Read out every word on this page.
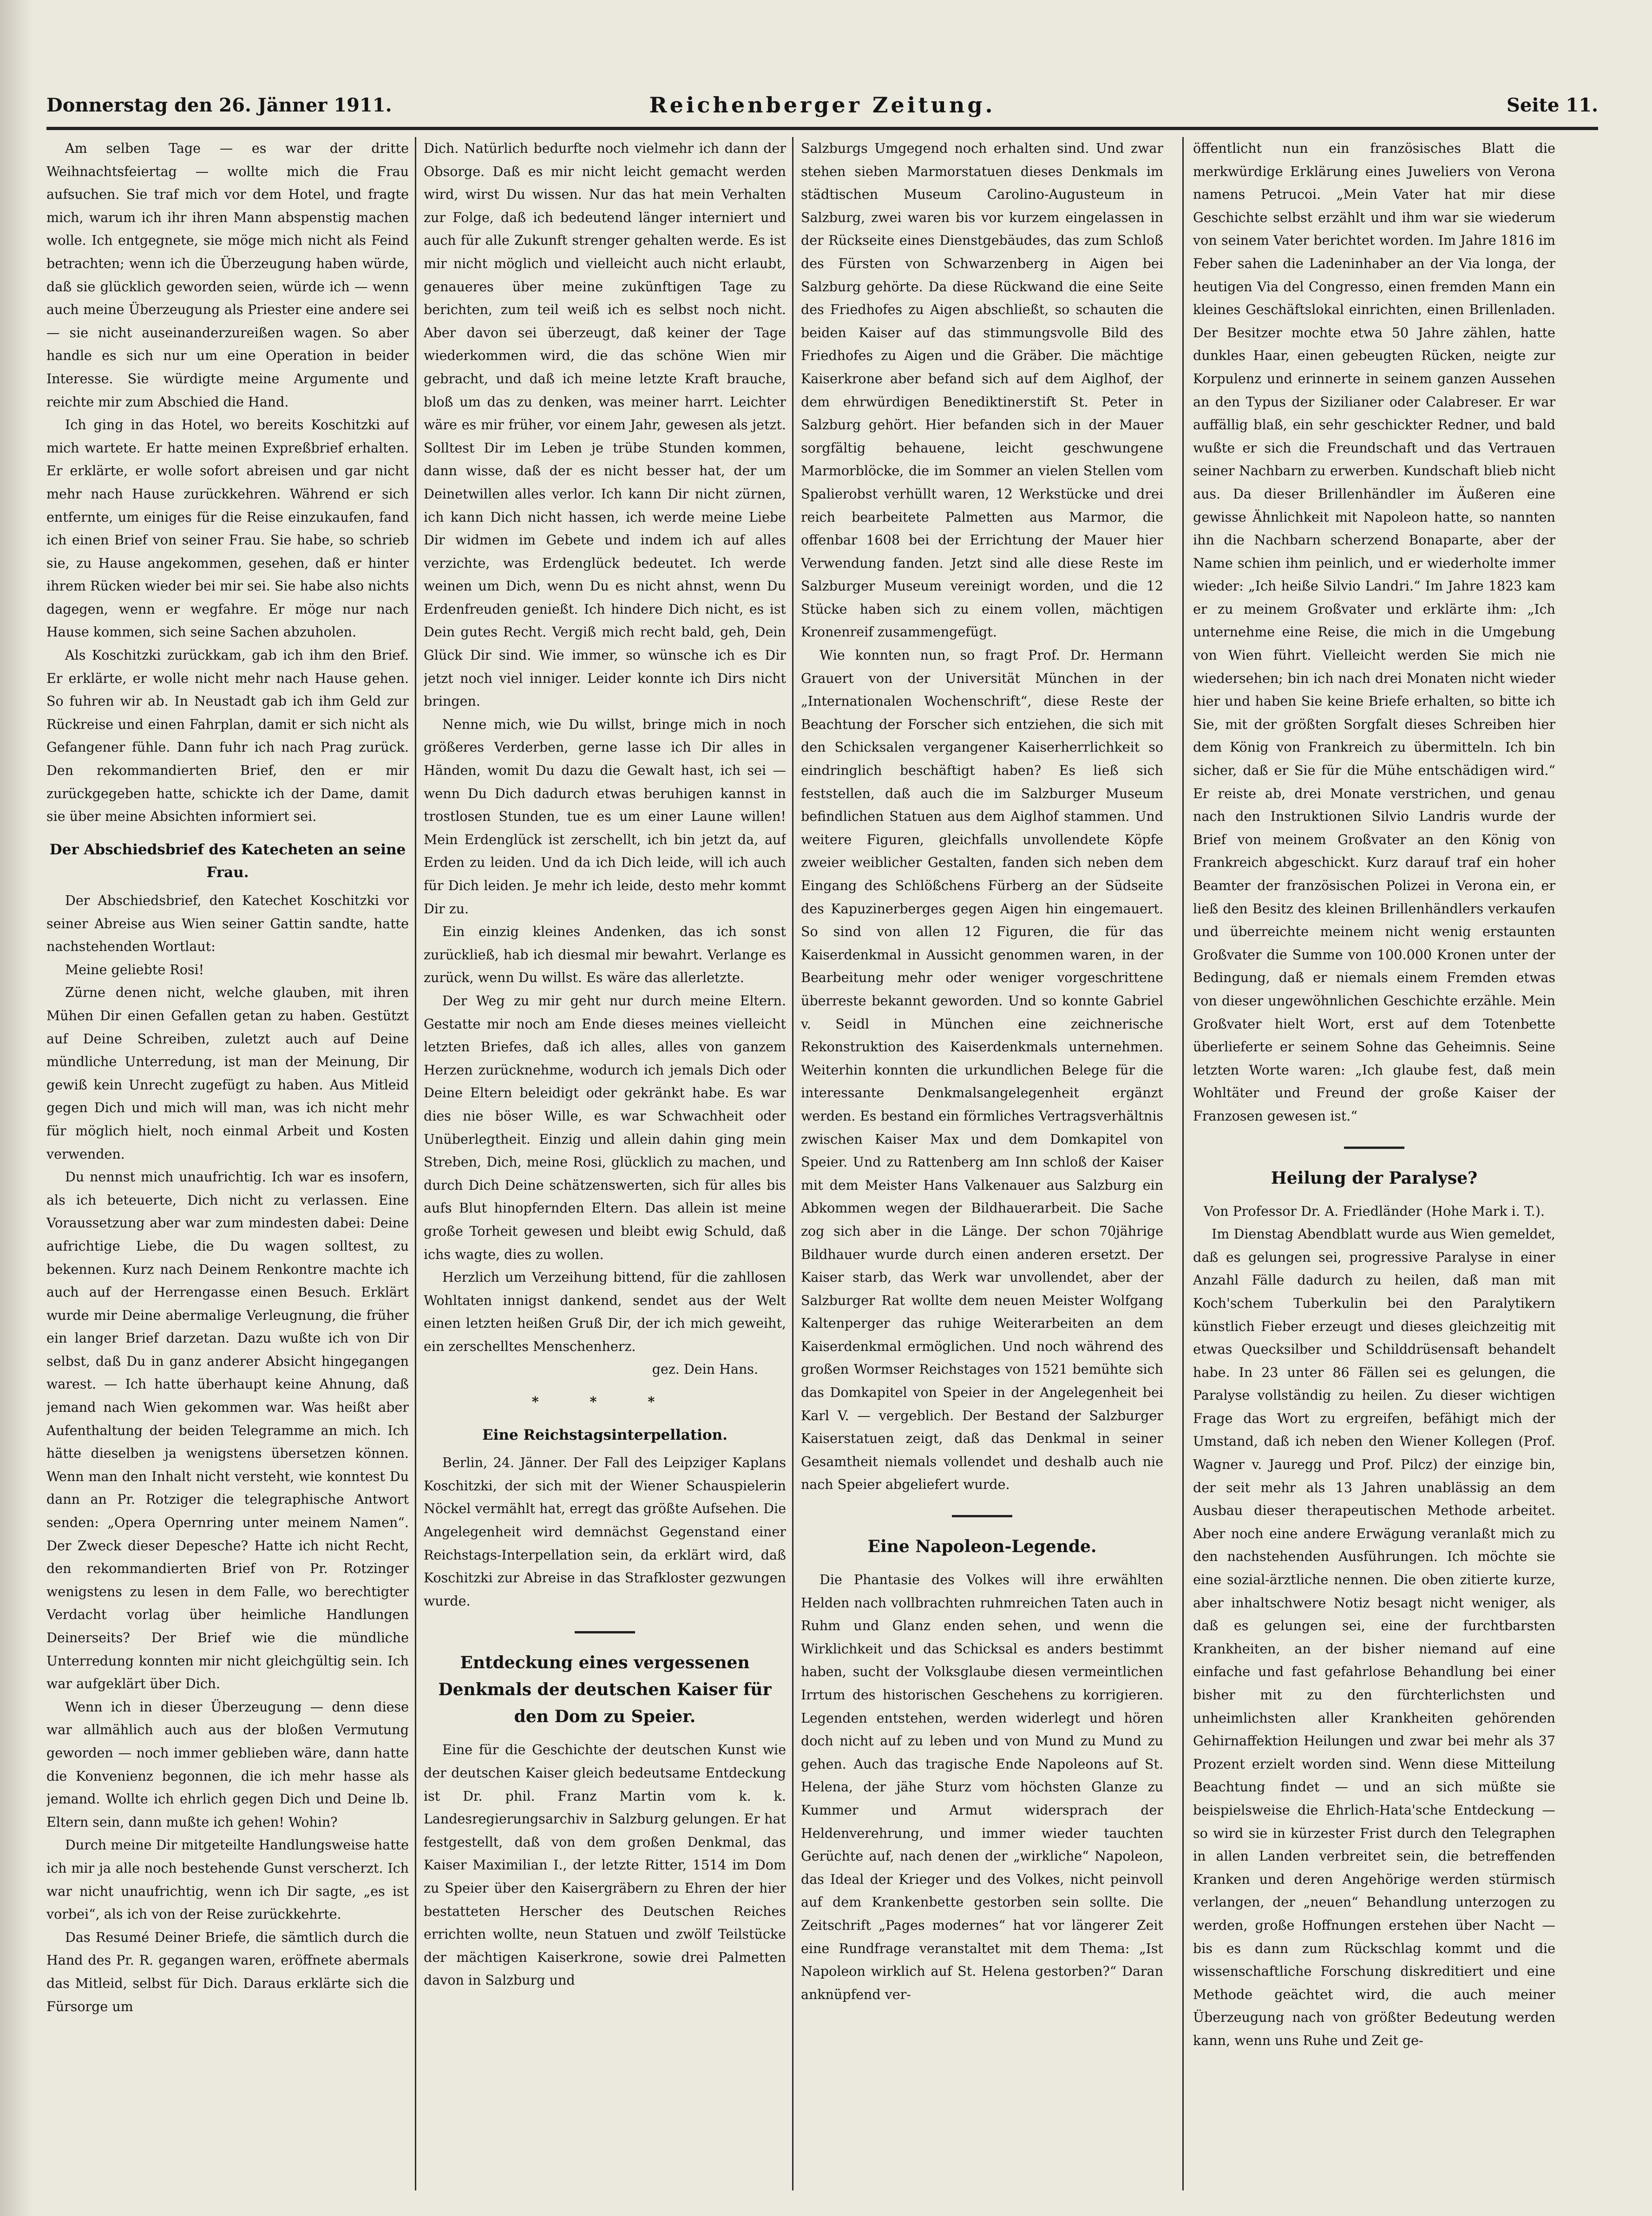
Donnerstag den 26. Jänner 1911.	Reichenberger Zeitung.	Seite 11.

Am selben Tage — es war der dritte Weihnachtsfeiertag — wollte mich die Frau aufsuchen. Sie traf mich vor dem Hotel, und fragte mich, warum ich ihr ihren Mann abspenstig machen wolle. Ich entgegnete, sie möge mich nicht als Feind betrachten; wenn ich die Überzeugung haben würde, daß sie glücklich geworden seien, würde ich — wenn auch meine Überzeugung als Priester eine andere sei — sie nicht auseinanderzureißen wagen. So aber handle es sich nur um eine Operation in beider Interesse. Sie würdigte meine Argumente und reichte mir zum Abschied die Hand.

Ich ging in das Hotel, wo bereits Koschitzki auf mich wartete. Er hatte meinen Expreßbrief erhalten. Er erklärte, er wolle sofort abreisen und gar nicht mehr nach Hause zurückkehren. Während er sich entfernte, um einiges für die Reise einzukaufen, fand ich einen Brief von seiner Frau. Sie habe, so schrieb sie, zu Hause angekommen, gesehen, daß er hinter ihrem Rücken wieder bei mir sei. Sie habe also nichts dagegen, wenn er wegfahre. Er möge nur nach Hause kommen, sich seine Sachen abzuholen.

Als Koschitzki zurückkam, gab ich ihm den Brief. Er erklärte, er wolle nicht mehr nach Hause gehen. So fuhren wir ab. In Neustadt gab ich ihm Geld zur Rückreise und einen Fahrplan, damit er sich nicht als Gefangener fühle. Dann fuhr ich nach Prag zurück. Den rekommandierten Brief, den er mir zurückgegeben hatte, schickte ich der Dame, damit sie über meine Absichten informiert sei.

Der Abschiedsbrief des Katecheten an seine Frau.

Der Abschiedsbrief, den Katechet Koschitzki vor seiner Abreise aus Wien seiner Gattin sandte, hatte nachstehenden Wortlaut:

Meine geliebte Rosi!

Zürne denen nicht, welche glauben, mit ihren Mühen Dir einen Gefallen getan zu haben. Gestützt auf Deine Schreiben, zuletzt auch auf Deine mündliche Unterredung, ist man der Meinung, Dir gewiß kein Unrecht zugefügt zu haben. Aus Mitleid gegen Dich und mich will man, was ich nicht mehr für möglich hielt, noch einmal Arbeit und Kosten verwenden.

Du nennst mich unaufrichtig. Ich war es insofern, als ich beteuerte, Dich nicht zu verlassen. Eine Voraussetzung aber war zum mindesten dabei: Deine aufrichtige Liebe, die Du wagen solltest, zu bekennen. Kurz nach Deinem Renkontre machte ich auch auf der Herrengasse einen Besuch. Erklärt wurde mir Deine abermalige Verleugnung, die früher ein langer Brief darzetan. Dazu wußte ich von Dir selbst, daß Du in ganz anderer Absicht hingegangen warest. — Ich hatte überhaupt keine Ahnung, daß jemand nach Wien gekommen war. Was heißt aber Aufenthaltung der beiden Telegramme an mich. Ich hätte dieselben ja wenigstens übersetzen können. Wenn man den Inhalt nicht versteht, wie konntest Du dann an Pr. Rotziger die telegraphische Antwort senden: „Opera Opernring unter meinem Namen“. Der Zweck dieser Depesche? Hatte ich nicht Recht, den rekommandierten Brief von Pr. Rotzinger wenigstens zu lesen in dem Falle, wo berechtigter Verdacht vorlag über heimliche Handlungen Deinerseits? Der Brief wie die mündliche Unterredung konnten mir nicht gleichgültig sein. Ich war aufgeklärt über Dich.

Wenn ich in dieser Überzeugung — denn diese war allmählich auch aus der bloßen Vermutung geworden — noch immer geblieben wäre, dann hatte die Konvenienz begonnen, die ich mehr hasse als jemand. Wollte ich ehrlich gegen Dich und Deine lb. Eltern sein, dann mußte ich gehen! Wohin?

Durch meine Dir mitgeteilte Handlungsweise hatte ich mir ja alle noch bestehende Gunst verscherzt. Ich war nicht unaufrichtig, wenn ich Dir sagte, „es ist vorbei“, als ich von der Reise zurückkehrte.

Das Resumé Deiner Briefe, die sämtlich durch die Hand des Pr. R. gegangen waren, eröffnete abermals das Mitleid, selbst für Dich. Daraus erklärte sich die Fürsorge um

Dich. Natürlich bedurfte noch vielmehr ich dann der Obsorge. Daß es mir nicht leicht gemacht werden wird, wirst Du wissen. Nur das hat mein Verhalten zur Folge, daß ich bedeutend länger interniert und auch für alle Zukunft strenger gehalten werde. Es ist mir nicht möglich und vielleicht auch nicht erlaubt, genaueres über meine zukünftigen Tage zu berichten, zum teil weiß ich es selbst noch nicht. Aber davon sei überzeugt, daß keiner der Tage wiederkommen wird, die das schöne Wien mir gebracht, und daß ich meine letzte Kraft brauche, bloß um das zu denken, was meiner harrt. Leichter wäre es mir früher, vor einem Jahr, gewesen als jetzt. Solltest Dir im Leben je trübe Stunden kommen, dann wisse, daß der es nicht besser hat, der um Deinetwillen alles verlor. Ich kann Dir nicht zürnen, ich kann Dich nicht hassen, ich werde meine Liebe Dir widmen im Gebete und indem ich auf alles verzichte, was Erdenglück bedeutet. Ich werde weinen um Dich, wenn Du es nicht ahnst, wenn Du Erdenfreuden genießt. Ich hindere Dich nicht, es ist Dein gutes Recht. Vergiß mich recht bald, geh, Dein Glück Dir sind. Wie immer, so wünsche ich es Dir jetzt noch viel inniger. Leider konnte ich Dirs nicht bringen.

Nenne mich, wie Du willst, bringe mich in noch größeres Verderben, gerne lasse ich Dir alles in Händen, womit Du dazu die Gewalt hast, ich sei — wenn Du Dich dadurch etwas beruhigen kannst in trostlosen Stunden, tue es um einer Laune willen! Mein Erdenglück ist zerschellt, ich bin jetzt da, auf Erden zu leiden. Und da ich Dich leide, will ich auch für Dich leiden. Je mehr ich leide, desto mehr kommt Dir zu.

Ein einzig kleines Andenken, das ich sonst zurückließ, hab ich diesmal mir bewahrt. Verlange es zurück, wenn Du willst. Es wäre das allerletzte.

Der Weg zu mir geht nur durch meine Eltern. Gestatte mir noch am Ende dieses meines vielleicht letzten Briefes, daß ich alles, alles von ganzem Herzen zurücknehme, wodurch ich jemals Dich oder Deine Eltern beleidigt oder gekränkt habe. Es war dies nie böser Wille, es war Schwachheit oder Unüberlegtheit. Einzig und allein dahin ging mein Streben, Dich, meine Rosi, glücklich zu machen, und durch Dich Deine schätzenswerten, sich für alles bis aufs Blut hinopfernden Eltern. Das allein ist meine große Torheit gewesen und bleibt ewig Schuld, daß ichs wagte, dies zu wollen.

Herzlich um Verzeihung bittend, für die zahllosen Wohltaten innigst dankend, sendet aus der Welt einen letzten heißen Gruß Dir, der ich mich geweiht, ein zerschelltes Menschenherz.

gez. Dein Hans.

* * *
Eine Reichstagsinterpellation.

Berlin, 24. Jänner. Der Fall des Leipziger Kaplans Koschitzki, der sich mit der Wiener Schauspielerin Nöckel vermählt hat, erregt das größte Aufsehen. Die Angelegenheit wird demnächst Gegenstand einer Reichstags-Interpellation sein, da erklärt wird, daß Koschitzki zur Abreise in das Strafkloster gezwungen wurde.

Entdeckung eines vergessenen Denkmals der deutschen Kaiser für den Dom zu Speier.

Eine für die Geschichte der deutschen Kunst wie der deutschen Kaiser gleich bedeutsame Entdeckung ist Dr. phil. Franz Martin vom k. k. Landesregierungsarchiv in Salzburg gelungen. Er hat festgestellt, daß von dem großen Denkmal, das Kaiser Maximilian I., der letzte Ritter, 1514 im Dom zu Speier über den Kaisergräbern zu Ehren der hier bestatteten Herscher des Deutschen Reiches errichten wollte, neun Statuen und zwölf Teilstücke der mächtigen Kaiserkrone, sowie drei Palmetten davon in Salzburg und

Salzburgs Umgegend noch erhalten sind. Und zwar stehen sieben Marmorstatuen dieses Denkmals im städtischen Museum Carolino-Augusteum in Salzburg, zwei waren bis vor kurzem eingelassen in der Rückseite eines Dienstgebäudes, das zum Schloß des Fürsten von Schwarzenberg in Aigen bei Salzburg gehörte. Da diese Rückwand die eine Seite des Friedhofes zu Aigen abschließt, so schauten die beiden Kaiser auf das stimmungsvolle Bild des Friedhofes zu Aigen und die Gräber. Die mächtige Kaiserkrone aber befand sich auf dem Aiglhof, der dem ehrwürdigen Benediktinerstift St. Peter in Salzburg gehört. Hier befanden sich in der Mauer sorgfältig behauene, leicht geschwungene Marmorblöcke, die im Sommer an vielen Stellen vom Spalierobst verhüllt waren, 12 Werkstücke und drei reich bearbeitete Palmetten aus Marmor, die offenbar 1608 bei der Errichtung der Mauer hier Verwendung fanden. Jetzt sind alle diese Reste im Salzburger Museum vereinigt worden, und die 12 Stücke haben sich zu einem vollen, mächtigen Kronenreif zusammengefügt.

Wie konnten nun, so fragt Prof. Dr. Hermann Grauert von der Universität München in der „Internationalen Wochenschrift“, diese Reste der Beachtung der Forscher sich entziehen, die sich mit den Schicksalen vergangener Kaiserherrlichkeit so eindringlich beschäftigt haben? Es ließ sich feststellen, daß auch die im Salzburger Museum befindlichen Statuen aus dem Aiglhof stammen. Und weitere Figuren, gleichfalls unvollendete Köpfe zweier weiblicher Gestalten, fanden sich neben dem Eingang des Schlößchens Fürberg an der Südseite des Kapuzinerberges gegen Aigen hin eingemauert. So sind von allen 12 Figuren, die für das Kaiserdenkmal in Aussicht genommen waren, in der Bearbeitung mehr oder weniger vorgeschrittene überreste bekannt geworden. Und so konnte Gabriel v. Seidl in München eine zeichnerische Rekonstruktion des Kaiserdenkmals unternehmen. Weiterhin konnten die urkundlichen Belege für die interessante Denkmalsangelegenheit ergänzt werden. Es bestand ein förmliches Vertragsverhältnis zwischen Kaiser Max und dem Domkapitel von Speier. Und zu Rattenberg am Inn schloß der Kaiser mit dem Meister Hans Valkenauer aus Salzburg ein Abkommen wegen der Bildhauerarbeit. Die Sache zog sich aber in die Länge. Der schon 70jährige Bildhauer wurde durch einen anderen ersetzt. Der Kaiser starb, das Werk war unvollendet, aber der Salzburger Rat wollte dem neuen Meister Wolfgang Kaltenperger das ruhige Weiterarbeiten an dem Kaiserdenkmal ermöglichen. Und noch während des großen Wormser Reichstages von 1521 bemühte sich das Domkapitel von Speier in der Angelegenheit bei Karl V. — vergeblich. Der Bestand der Salzburger Kaiserstatuen zeigt, daß das Denkmal in seiner Gesamtheit niemals vollendet und deshalb auch nie nach Speier abgeliefert wurde.

Eine Napoleon-Legende.

Die Phantasie des Volkes will ihre erwählten Helden nach vollbrachten ruhmreichen Taten auch in Ruhm und Glanz enden sehen, und wenn die Wirklichkeit und das Schicksal es anders bestimmt haben, sucht der Volksglaube diesen vermeintlichen Irrtum des historischen Geschehens zu korrigieren. Legenden entstehen, werden widerlegt und hören doch nicht auf zu leben und von Mund zu Mund zu gehen. Auch das tragische Ende Napoleons auf St. Helena, der jähe Sturz vom höchsten Glanze zu Kummer und Armut widersprach der Heldenverehrung, und immer wieder tauchten Gerüchte auf, nach denen der „wirkliche“ Napoleon, das Ideal der Krieger und des Volkes, nicht peinvoll auf dem Krankenbette gestorben sein sollte. Die Zeitschrift „Pages modernes“ hat vor längerer Zeit eine Rundfrage veranstaltet mit dem Thema: „Ist Napoleon wirklich auf St. Helena gestorben?“ Daran anknüpfend ver-

öffentlicht nun ein französisches Blatt die merkwürdige Erklärung eines Juweliers von Verona namens Petrucoi. „Mein Vater hat mir diese Geschichte selbst erzählt und ihm war sie wiederum von seinem Vater berichtet worden. Im Jahre 1816 im Feber sahen die Ladeninhaber an der Via longa, der heutigen Via del Congresso, einen fremden Mann ein kleines Geschäftslokal einrichten, einen Brillenladen. Der Besitzer mochte etwa 50 Jahre zählen, hatte dunkles Haar, einen gebeugten Rücken, neigte zur Korpulenz und erinnerte in seinem ganzen Aussehen an den Typus der Sizilianer oder Calabreser. Er war auffällig blaß, ein sehr geschickter Redner, und bald wußte er sich die Freundschaft und das Vertrauen seiner Nachbarn zu erwerben. Kundschaft blieb nicht aus. Da dieser Brillenhändler im Äußeren eine gewisse Ähnlichkeit mit Napoleon hatte, so nannten ihn die Nachbarn scherzend Bonaparte, aber der Name schien ihm peinlich, und er wiederholte immer wieder: „Ich heiße Silvio Landri.“ Im Jahre 1823 kam er zu meinem Großvater und erklärte ihm: „Ich unternehme eine Reise, die mich in die Umgebung von Wien führt. Vielleicht werden Sie mich nie wiedersehen; bin ich nach drei Monaten nicht wieder hier und haben Sie keine Briefe erhalten, so bitte ich Sie, mit der größten Sorgfalt dieses Schreiben hier dem König von Frankreich zu übermitteln. Ich bin sicher, daß er Sie für die Mühe entschädigen wird.“ Er reiste ab, drei Monate verstrichen, und genau nach den Instruktionen Silvio Landris wurde der Brief von meinem Großvater an den König von Frankreich abgeschickt. Kurz darauf traf ein hoher Beamter der französischen Polizei in Verona ein, er ließ den Besitz des kleinen Brillenhändlers verkaufen und überreichte meinem nicht wenig erstaunten Großvater die Summe von 100.000 Kronen unter der Bedingung, daß er niemals einem Fremden etwas von dieser ungewöhnlichen Geschichte erzähle. Mein Großvater hielt Wort, erst auf dem Totenbette überlieferte er seinem Sohne das Geheimnis. Seine letzten Worte waren: „Ich glaube fest, daß mein Wohltäter und Freund der große Kaiser der Franzosen gewesen ist.“

Heilung der Paralyse?

Von Professor Dr. A. Friedländer (Hohe Mark i. T.).

Im Dienstag Abendblatt wurde aus Wien gemeldet, daß es gelungen sei, progressive Paralyse in einer Anzahl Fälle dadurch zu heilen, daß man mit Koch'schem Tuberkulin bei den Paralytikern künstlich Fieber erzeugt und dieses gleichzeitig mit etwas Quecksilber und Schilddrüsensaft behandelt habe. In 23 unter 86 Fällen sei es gelungen, die Paralyse vollständig zu heilen. Zu dieser wichtigen Frage das Wort zu ergreifen, befähigt mich der Umstand, daß ich neben den Wiener Kollegen (Prof. Wagner v. Jauregg und Prof. Pilcz) der einzige bin, der seit mehr als 13 Jahren unablässig an dem Ausbau dieser therapeutischen Methode arbeitet. Aber noch eine andere Erwägung veranlaßt mich zu den nachstehenden Ausführungen. Ich möchte sie eine sozial-ärztliche nennen. Die oben zitierte kurze, aber inhaltschwere Notiz besagt nicht weniger, als daß es gelungen sei, eine der furchtbarsten Krankheiten, an der bisher niemand auf eine einfache und fast gefahrlose Behandlung bei einer bisher mit zu den fürchterlichsten und unheimlichsten aller Krankheiten gehörenden Gehirnaffektion Heilungen und zwar bei mehr als 37 Prozent erzielt worden sind. Wenn diese Mitteilung Beachtung findet — und an sich müßte sie beispielsweise die Ehrlich-Hata'sche Entdeckung — so wird sie in kürzester Frist durch den Telegraphen in allen Landen verbreitet sein, die betreffenden Kranken und deren Angehörige werden stürmisch verlangen, der „neuen“ Behandlung unterzogen zu werden, große Hoffnungen erstehen über Nacht — bis es dann zum Rückschlag kommt und die wissenschaftliche Forschung diskreditiert und eine Methode geächtet wird, die auch meiner Überzeugung nach von größter Bedeutung werden kann, wenn uns Ruhe und Zeit ge-
